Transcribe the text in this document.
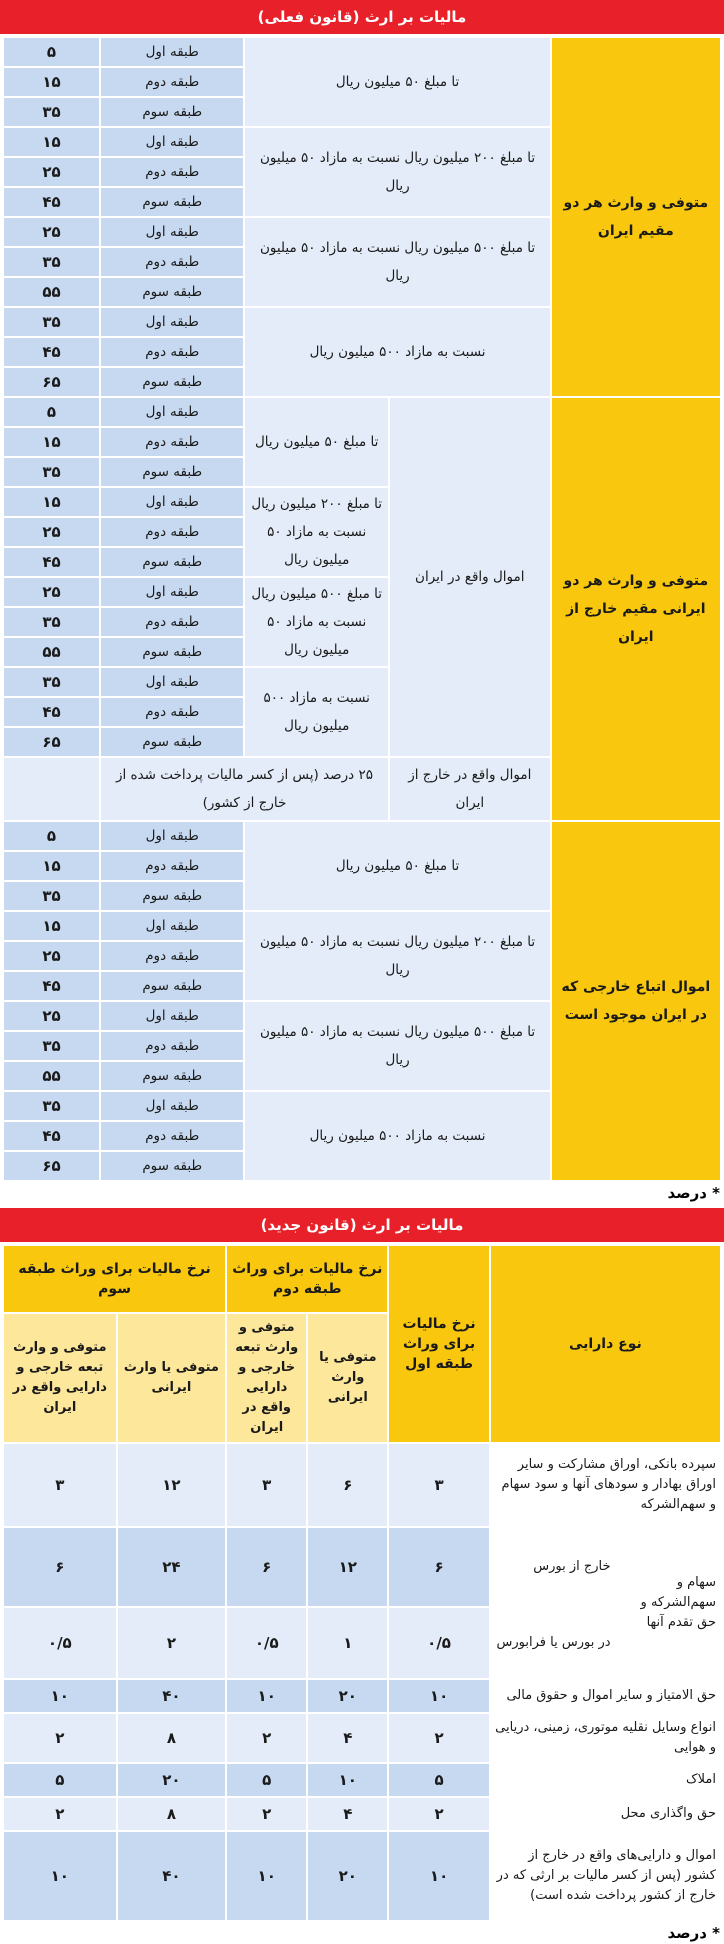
مالیات بر ارث (قانون فعلی)
متوفی و وارث هر دو مقیم ایران	تا مبلغ ۵۰ میلیون ریال		طبقه اول	۵
			طبقه دوم	۱۵
			طبقه سوم	۳۵
	تا مبلغ ۲۰۰ میلیون ریال نسبت به مازاد ۵۰ میلیون ریال		طبقه اول	۱۵
			طبقه دوم	۲۵
			طبقه سوم	۴۵
	تا مبلغ ۵۰۰ میلیون ریال نسبت به مازاد ۵۰ میلیون ریال		طبقه اول	۲۵
			طبقه دوم	۳۵
			طبقه سوم	۵۵
	نسبت به مازاد ۵۰۰ میلیون ریال		طبقه اول	۳۵
			طبقه دوم	۴۵
			طبقه سوم	۶۵
متوفی و وارث هر دو ایرانی مقیم خارج از ایران	اموال واقع در ایران	تا مبلغ ۵۰ میلیون ریال	طبقه اول	۵
			طبقه دوم	۱۵
			طبقه سوم	۳۵
		تا مبلغ ۲۰۰ میلیون ریال نسبت به مازاد ۵۰ میلیون ریال	طبقه اول	۱۵
			طبقه دوم	۲۵
			طبقه سوم	۴۵
		تا مبلغ ۵۰۰ میلیون ریال نسبت به مازاد ۵۰ میلیون ریال	طبقه اول	۲۵
			طبقه دوم	۳۵
			طبقه سوم	۵۵
		نسبت به مازاد ۵۰۰ میلیون ریال	طبقه اول	۳۵
			طبقه دوم	۴۵
			طبقه سوم	۶۵
	اموال واقع در خارج از ایران	۲۵ درصد (پس از کسر مالیات پرداخت شده از خارج از کشور)		
اموال اتباع خارجی که در ایران موجود است	تا مبلغ ۵۰ میلیون ریال		طبقه اول	۵
			طبقه دوم	۱۵
			طبقه سوم	۳۵
	تا مبلغ ۲۰۰ میلیون ریال نسبت به مازاد ۵۰ میلیون ریال		طبقه اول	۱۵
			طبقه دوم	۲۵
			طبقه سوم	۴۵
	تا مبلغ ۵۰۰ میلیون ریال نسبت به مازاد ۵۰ میلیون ریال		طبقه اول	۲۵
			طبقه دوم	۳۵
			طبقه سوم	۵۵
	نسبت به مازاد ۵۰۰ میلیون ریال		طبقه اول	۳۵
			طبقه دوم	۴۵
			طبقه سوم	۶۵
* درصد
مالیات بر ارث (قانون جدید)
نوع دارایی		نرخ مالیات برای وراث طبقه اول	نرخ مالیات برای وراث طبقه دوم		نرخ مالیات برای وراث طبقه سوم	
			متوفی یا وارث ایرانی	متوفی و وارث تبعه خارجی و دارایی واقع در ایران	متوفی یا وارث ایرانی	متوفی و وارث تبعه خارجی و دارایی واقع در ایران
سپرده بانکی، اوراق مشارکت و سایر اوراق بهادار و سودهای آنها و سود سهام و سهم‌الشرکه		۳	۶	۳	۱۲	۳
سهام و سهم‌الشرکه و حق تقدم آنها	خارج از بورس	۶	۱۲	۶	۲۴	۶
	در بورس یا فرابورس	۰/۵	۱	۰/۵	۲	۰/۵
حق الامتیاز و سایر اموال و حقوق مالی		۱۰	۲۰	۱۰	۴۰	۱۰
انواع وسایل نقلیه موتوری، زمینی، دریایی و هوایی		۲	۴	۲	۸	۲
املاک		۵	۱۰	۵	۲۰	۵
حق واگذاری محل		۲	۴	۲	۸	۲
اموال و دارایی‌های واقع در خارج از کشور (پس از کسر مالیات بر ارثی که در خارج از کشور پرداخت شده است)		۱۰	۲۰	۱۰	۴۰	۱۰
* درصد
